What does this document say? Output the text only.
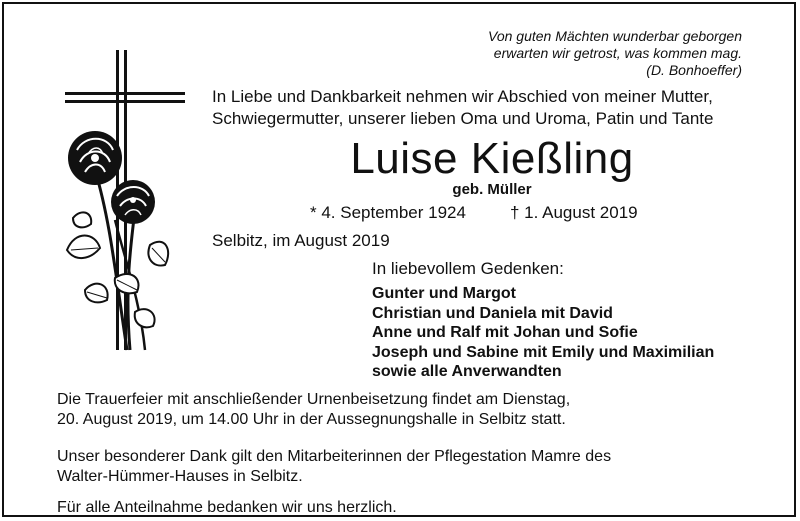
Von guten Mächten wunderbar geborgen
erwarten wir getrost, was kommen mag.
(D. Bonhoeffer)
In Liebe und Dankbarkeit nehmen wir Abschied von meiner Mutter,
Schwiegermutter, unserer lieben Oma und Uroma, Patin und Tante
Luise Kießling
geb. Müller
* 4. September 1924	† 1. August 2019
Selbitz, im August 2019
In liebevollem Gedenken:
Gunter und Margot
Christian und Daniela mit David
Anne und Ralf mit Johan und Sofie
Joseph und Sabine mit Emily und Maximilian
sowie alle Anverwandten

Die Trauerfeier mit anschließender Urnenbeisetzung findet am Dienstag,
20. August 2019, um 14.00 Uhr in der Aussegnungshalle in Selbitz statt.

Unser besonderer Dank gilt den Mitarbeiterinnen der Pflegestation Mamre des
Walter-Hümmer-Hauses in Selbitz.

Für alle Anteilnahme bedanken wir uns herzlich.
